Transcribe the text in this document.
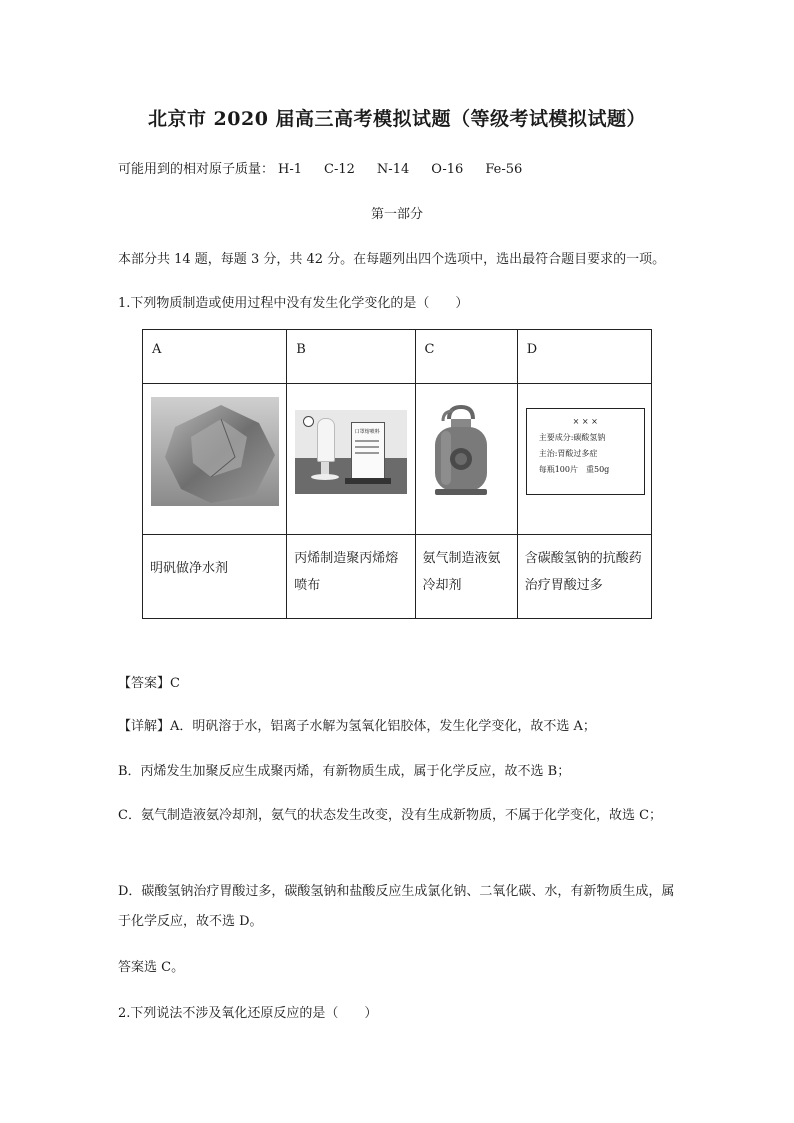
北京市 2020 届高三高考模拟试题（等级考试模拟试题）
可能用到的相对原子质量： H-1 C-12 N-14 O-16 Fe-56
第一部分
本部分共 14 题，每题 3 分，共 42 分。在每题列出四个选项中，选出最符合题目要求的一项。
1.下列物质制造或使用过程中没有发生化学变化的是（　　）
A	B	C	D

口罩熔喷料		× × ×
主要成分:碳酸氢钠
主治:胃酸过多症
每瓶100片　重50g

明矾做净水剂	丙烯制造聚丙烯熔喷布	氨气制造液氨冷却剂	含碳酸氢钠的抗酸药治疗胃酸过多
【答案】C
【详解】A．明矾溶于水，铝离子水解为氢氧化铝胶体，发生化学变化，故不选 A；
B．丙烯发生加聚反应生成聚丙烯，有新物质生成，属于化学反应，故不选 B；
C．氨气制造液氨冷却剂，氨气的状态发生改变，没有生成新物质，不属于化学变化，故选 C；
D．碳酸氢钠治疗胃酸过多，碳酸氢钠和盐酸反应生成氯化钠、二氧化碳、水，有新物质生成，属于化学反应，故不选 D。
答案选 C。
2.下列说法不涉及氧化还原反应的是（　　）
